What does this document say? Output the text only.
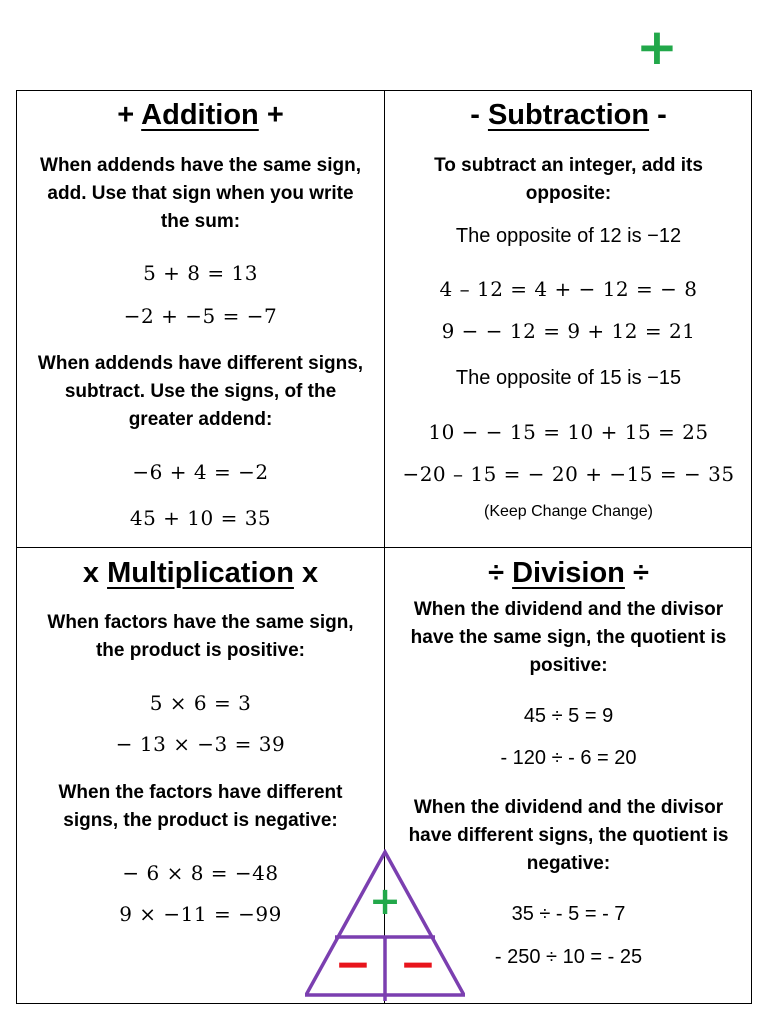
+
+ Addition +
When addends have the same sign,
add. Use that sign when you write
the sum:
5 + 8 = 13
−2 + −5 = −7
When addends have different signs,
subtract. Use the signs, of the
greater addend:
−6 + 4 = −2
45 + 10 = 35
- Subtraction -
To subtract an integer, add its
opposite:
The opposite of 12 is −12
4 – 12 = 4 + − 12 = − 8
9 − − 12 = 9 + 12 = 21
The opposite of 15 is −15
10 − − 15 = 10 + 15 = 25
−20 – 15 = − 20 + −15 = − 35
(Keep Change Change)
x Multiplication x
When factors have the same sign,
the product is positive:
5 × 6 = 3
− 13 × −3 = 39
When the factors have different
signs, the product is negative:
− 6 × 8 = −48
9 × −11 = −99
÷ Division ÷
When the dividend and the divisor
have the same sign, the quotient is
positive:
45 ÷ 5 = 9
- 120 ÷ - 6 = 20
When the dividend and the divisor
have different signs, the quotient is
negative:
35 ÷ - 5 = - 7
- 250 ÷ 10 = - 25
+
− −
